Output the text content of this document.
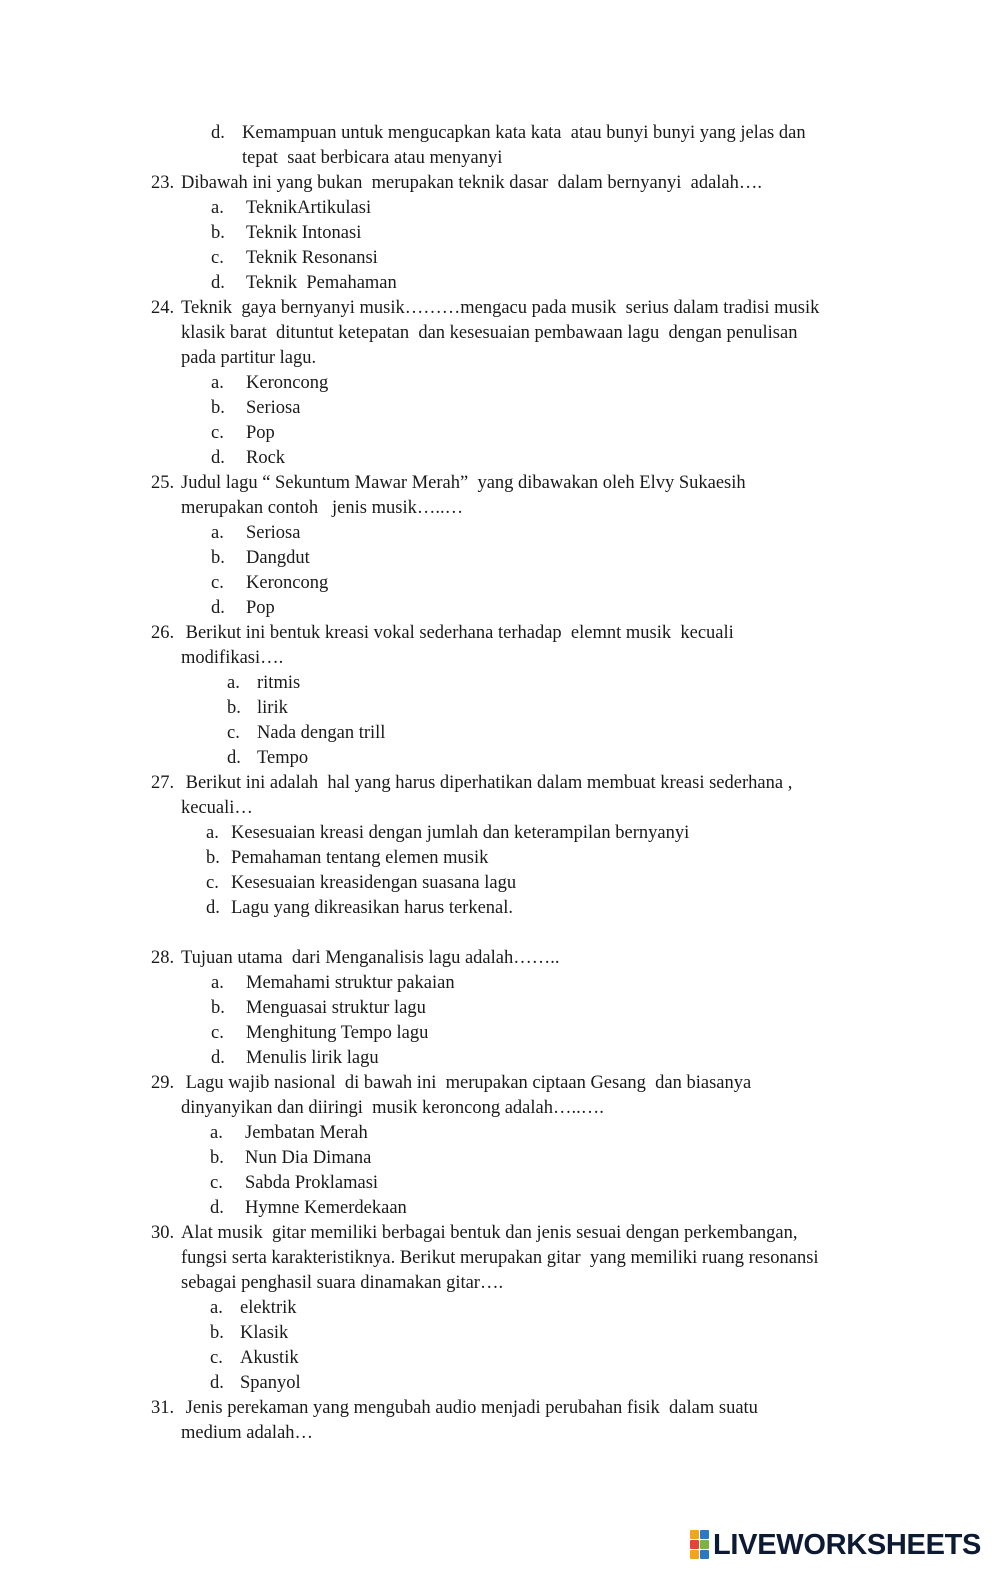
d. Kemampuan untuk mengucapkan kata kata  atau bunyi bunyi yang jelas dan
tepat  saat berbicara atau menyanyi
23. Dibawah ini yang bukan  merupakan teknik dasar  dalam bernyanyi  adalah….
a. TeknikArtikulasi
b. Teknik Intonasi
c. Teknik Resonansi
d. Teknik  Pemahaman
24. Teknik  gaya bernyanyi musik………mengacu pada musik  serius dalam tradisi musik
klasik barat  dituntut ketepatan  dan kesesuaian pembawaan lagu  dengan penulisan
pada partitur lagu.
a. Keroncong
b. Seriosa
c. Pop
d. Rock
25. Judul lagu “ Sekuntum Mawar Merah”  yang dibawakan oleh Elvy Sukaesih
merupakan contoh   jenis musik…..…
a. Seriosa
b. Dangdut
c. Keroncong
d. Pop
26. Berikut ini bentuk kreasi vokal sederhana terhadap  elemnt musik  kecuali
modifikasi….
a. ritmis
b. lirik
c. Nada dengan trill
d. Tempo
27. Berikut ini adalah  hal yang harus diperhatikan dalam membuat kreasi sederhana ,
kecuali…
a. Kesesuaian kreasi dengan jumlah dan keterampilan bernyanyi
b. Pemahaman tentang elemen musik
c. Kesesuaian kreasidengan suasana lagu
d. Lagu yang dikreasikan harus terkenal.
28. Tujuan utama  dari Menganalisis lagu adalah……..
a. Memahami struktur pakaian
b. Menguasai struktur lagu
c. Menghitung Tempo lagu
d. Menulis lirik lagu
29. Lagu wajib nasional  di bawah ini  merupakan ciptaan Gesang  dan biasanya
dinyanyikan dan diiringi  musik keroncong adalah…..….
a. Jembatan Merah
b. Nun Dia Dimana
c. Sabda Proklamasi
d. Hymne Kemerdekaan
30. Alat musik  gitar memiliki berbagai bentuk dan jenis sesuai dengan perkembangan,
fungsi serta karakteristiknya. Berikut merupakan gitar  yang memiliki ruang resonansi
sebagai penghasil suara dinamakan gitar….
a. elektrik
b. Klasik
c. Akustik
d. Spanyol
31. Jenis perekaman yang mengubah audio menjadi perubahan fisik  dalam suatu
medium adalah…
LIVEWORKSHEETS
